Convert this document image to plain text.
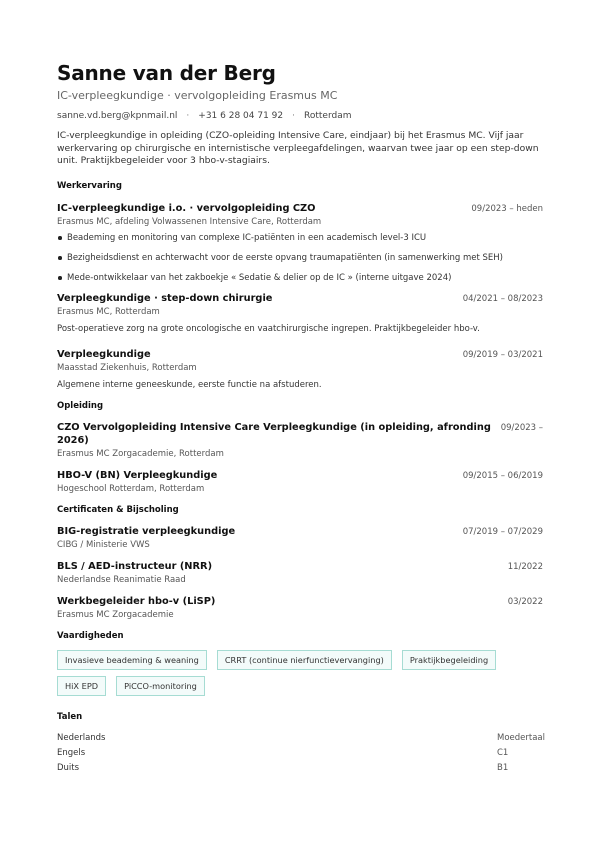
Sanne van der Berg
IC-verpleegkundige · vervolgopleiding Erasmus MC
sanne.vd.berg@kpnmail.nl · +31 6 28 04 71 92 · Rotterdam

IC-verpleegkundige in opleiding (CZO-opleiding Intensive Care, eindjaar) bij het Erasmus MC. Vijf jaar werkervaring op chirurgische en internistische verpleegafdelingen, waarvan twee jaar op een step-down unit. Praktijkbegeleider voor 3 hbo-v-stagiairs.

Werkervaring
IC-verpleegkundige i.o. · vervolgopleiding CZO	09/2023 – heden
Erasmus MC, afdeling Volwassenen Intensive Care, Rotterdam
Beademing en monitoring van complexe IC-patiënten in een academisch level-3 ICU
Bezigheidsdienst en achterwacht voor de eerste opvang traumapatiënten (in samenwerking met SEH)
Mede-ontwikkelaar van het zakboekje « Sedatie & delier op de IC » (interne uitgave 2024)
Verpleegkundige · step-down chirurgie	04/2021 – 08/2023
Erasmus MC, Rotterdam
Post-operatieve zorg na grote oncologische en vaatchirurgische ingrepen. Praktijkbegeleider hbo-v.
Verpleegkundige	09/2019 – 03/2021
Maasstad Ziekenhuis, Rotterdam
Algemene interne geneeskunde, eerste functie na afstuderen.
Opleiding
CZO Vervolgopleiding Intensive Care Verpleegkundige (in opleiding, afronding 2026)
09/2023 –
Erasmus MC Zorgacademie, Rotterdam
HBO-V (BN) Verpleegkundige	09/2015 – 06/2019
Hogeschool Rotterdam, Rotterdam
Certificaten & Bijscholing
BIG-registratie verpleegkundige	07/2019 – 07/2029
CIBG / Ministerie VWS
BLS / AED-instructeur (NRR)	11/2022
Nederlandse Reanimatie Raad
Werkbegeleider hbo-v (LiSP)	03/2022
Erasmus MC Zorgacademie
Vaardigheden
Invasieve beademing & weaning	CRRT (continue nierfunctievervanging)	Praktijkbegeleiding
HiX EPD	PiCCO-monitoring
Talen
Nederlands	Moedertaal
Engels	C1
Duits	B1
